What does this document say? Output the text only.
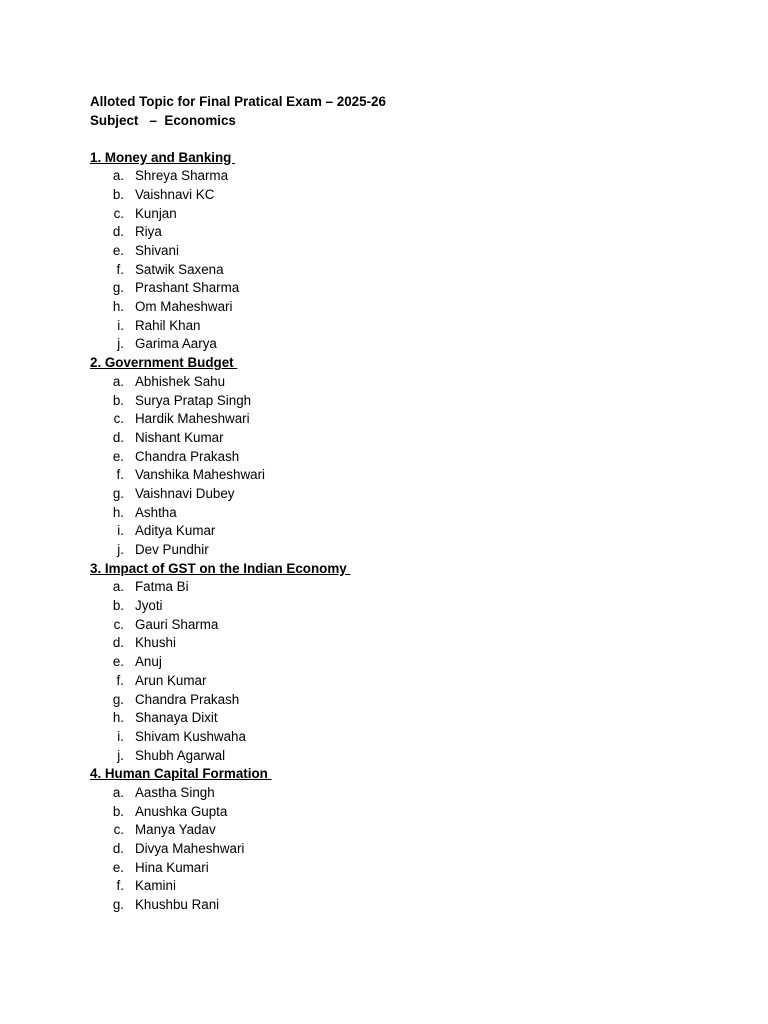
Alloted Topic for Final Pratical Exam – 2025-26
Subject   –  Economics
1. Money and Banking
a. Shreya Sharma
b. Vaishnavi KC
c. Kunjan
d. Riya
e. Shivani
f. Satwik Saxena
g. Prashant Sharma
h. Om Maheshwari
i. Rahil Khan
j. Garima Aarya
2. Government Budget
a. Abhishek Sahu
b. Surya Pratap Singh
c. Hardik Maheshwari
d. Nishant Kumar
e. Chandra Prakash
f. Vanshika Maheshwari
g. Vaishnavi Dubey
h. Ashtha
i. Aditya Kumar
j. Dev Pundhir
3. Impact of GST on the Indian Economy
a. Fatma Bi
b. Jyoti
c. Gauri Sharma
d. Khushi
e. Anuj
f. Arun Kumar
g. Chandra Prakash
h. Shanaya Dixit
i. Shivam Kushwaha
j. Shubh Agarwal
4. Human Capital Formation
a. Aastha Singh
b. Anushka Gupta
c. Manya Yadav
d. Divya Maheshwari
e. Hina Kumari
f. Kamini
g. Khushbu Rani
